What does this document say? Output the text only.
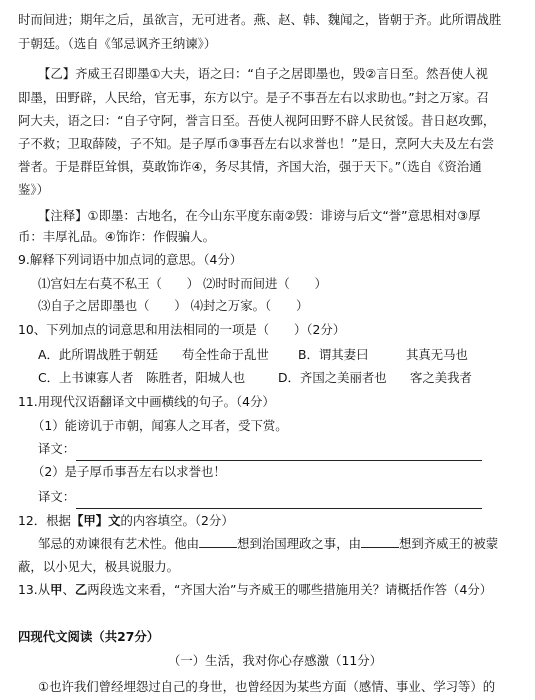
时而间进；期年之后，虽欲言，无可进者。燕、赵、韩、魏闻之，皆朝于齐。此所谓战胜
于朝廷。（选自《邹忌讽齐王纳谏》）
【乙】齐威王召即墨①大夫，语之曰：“自子之居即墨也，毁②言日至。然吾使人视
即墨，田野辟，人民给，官无事，东方以宁。是子不事吾左右以求助也。”封之万家。召
阿大夫，语之曰：“自子守阿，誉言日至。吾使人视阿田野不辟人民贫馁。昔日赵攻鄄，
子不救；卫取薛陵，子不知。是子厚币③事吾左右以求誉也！”是日，烹阿大夫及左右尝
誉者。于是群臣耸惧，莫敢饰诈④，务尽其情，齐国大治，强于天下。”（选自《资治通
鉴》）
【注释】①即墨：古地名，在今山东平度东南②毁：诽谤与后文“誉”意思相对③厚
币：丰厚礼品。④饰诈：作假骗人。
9.解释下列词语中加点词的意思。（4分）
⑴宫妇左右莫不私王（　　） ⑵时时而间进（　　）
⑶自子之居即墨也（　　） ⑷封之万家。（　　）
10、下列加点的词意思和用法相同的一项是（　　）（2分）
A．此所谓战胜于朝廷 苟全性命于乱世 B．谓其妻曰	其真无马也
C．上书谏寡人者 陈胜者，阳城人也	D．齐国之美丽者也 客之美我者
11.用现代汉语翻译文中画横线的句子。（4分）
（1）能谤讥于市朝，闻寡人之耳者，受下赏。
译文：
（2）是子厚币事吾左右以求誉也！
译文：
12．根据【甲】文的内容填空。（2分）
邹忌的劝谏很有艺术性。他由	想到治国理政之事，由	想到齐威王的被蒙
蔽，以小见大，极具说服力。
13.从甲、乙两段选文来看，“齐国大治”与齐威王的哪些措施用关？请概括作答（4分）
四现代文阅读（共27分）
（一）生活，我对你心存感激（11分）
①也许我们曾经埋怨过自己的身世，也曾经因为某些方面（感情、事业、学习等）的
